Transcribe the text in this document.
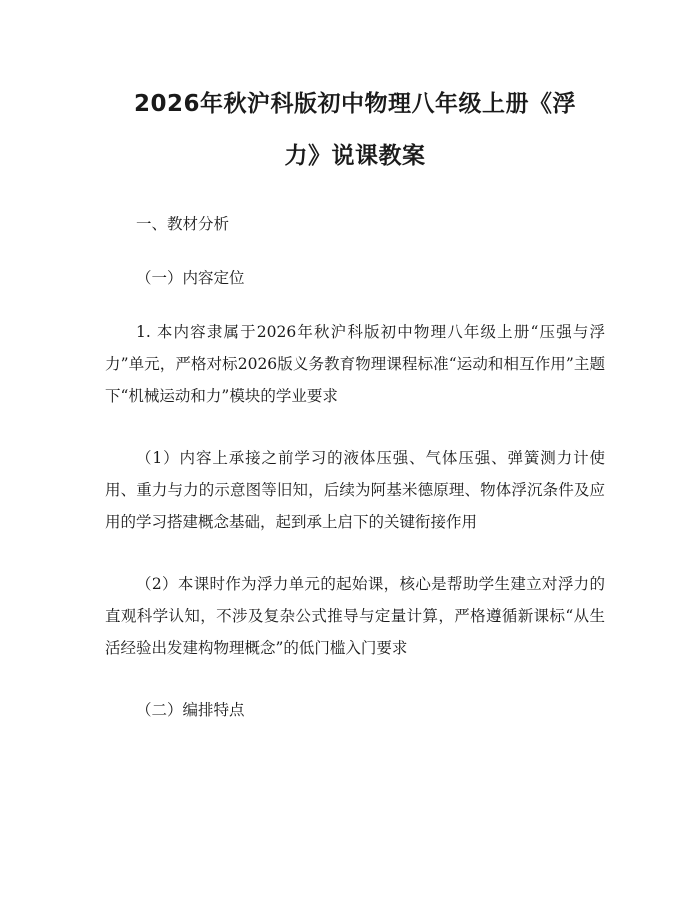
2026年秋沪科版初中物理八年级上册《浮
力》说课教案

一、教材分析

（一）内容定位

1. 本内容隶属于2026年秋沪科版初中物理八年级上册“压强与浮力”单元，严格对标2026版义务教育物理课程标准“运动和相互作用”主题下“机械运动和力”模块的学业要求

（1）内容上承接之前学习的液体压强、气体压强、弹簧测力计使用、重力与力的示意图等旧知，后续为阿基米德原理、物体浮沉条件及应用的学习搭建概念基础，起到承上启下的关键衔接作用

（2）本课时作为浮力单元的起始课，核心是帮助学生建立对浮力的直观科学认知，不涉及复杂公式推导与定量计算，严格遵循新课标“从生活经验出发建构物理概念”的低门槛入门要求

（二）编排特点
